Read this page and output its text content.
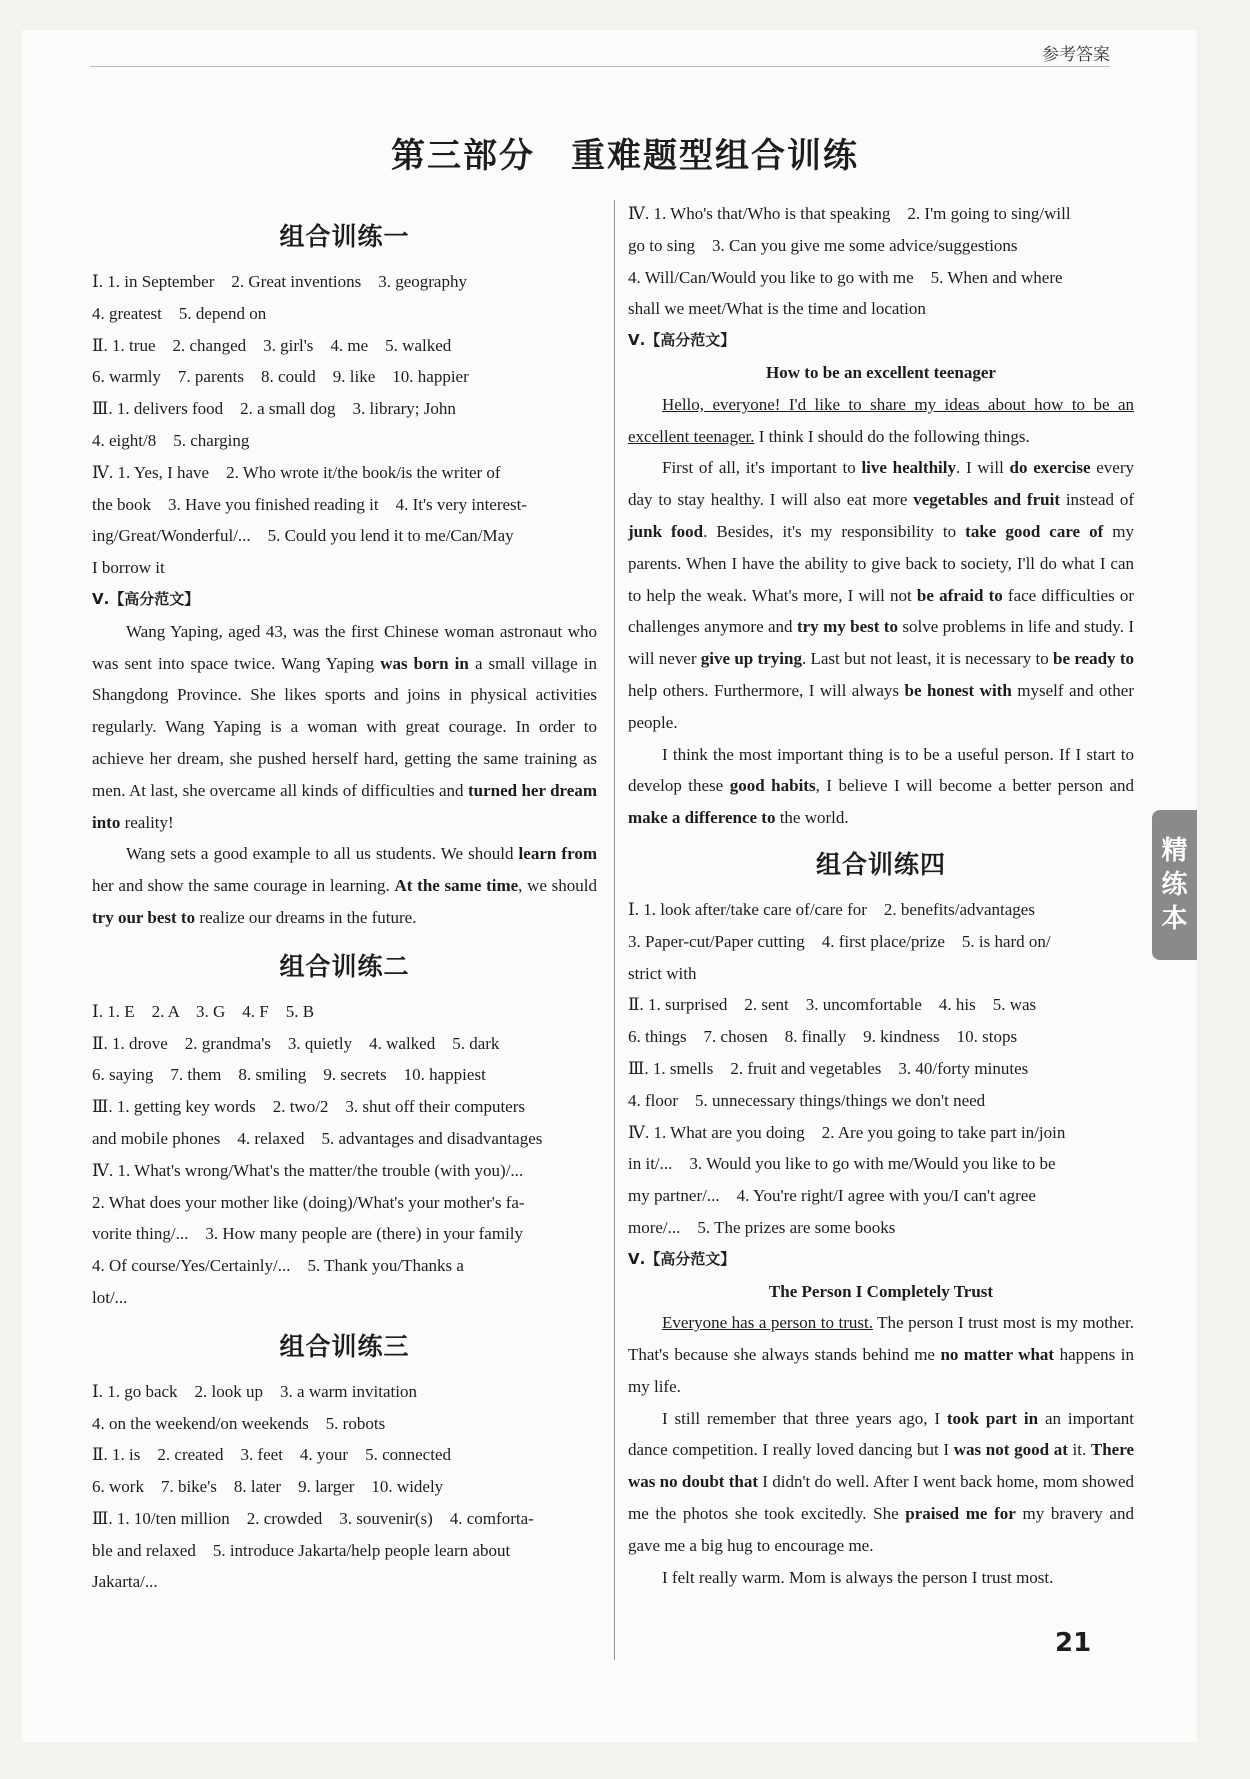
参考答案
第三部分　重难题型组合训练
组合训练一
Ⅰ. 1. in September　2. Great inventions　3. geography
4. greatest　5. depend on
Ⅱ. 1. true　2. changed　3. girl's　4. me　5. walked
6. warmly　7. parents　8. could　9. like　10. happier
Ⅲ. 1. delivers food　2. a small dog　3. library; John
4. eight/8　5. charging
Ⅳ. 1. Yes, I have　2. Who wrote it/the book/is the writer of
the book　3. Have you finished reading it　4. It's very interest-
ing/Great/Wonderful/...　5. Could you lend it to me/Can/May
I borrow it
Ⅴ.【高分范文】
Wang Yaping, aged 43, was the first Chinese woman astronaut who was sent into space twice. Wang Yaping was born in a small village in Shangdong Province. She likes sports and joins in physical activities regularly. Wang Yaping is a woman with great courage. In order to achieve her dream, she pushed herself hard, getting the same training as men. At last, she overcame all kinds of difficulties and turned her dream into reality!
Wang sets a good example to all us students. We should learn from her and show the same courage in learning. At the same time, we should try our best to realize our dreams in the future.
组合训练二
Ⅰ. 1. E　2. A　3. G　4. F　5. B
Ⅱ. 1. drove　2. grandma's　3. quietly　4. walked　5. dark
6. saying　7. them　8. smiling　9. secrets　10. happiest
Ⅲ. 1. getting key words　2. two/2　3. shut off their computers
and mobile phones　4. relaxed　5. advantages and disadvantages
Ⅳ. 1. What's wrong/What's the matter/the trouble (with you)/...
2. What does your mother like (doing)/What's your mother's fa-
vorite thing/...　3. How many people are (there) in your family
4. Of course/Yes/Certainly/...　5. Thank you/Thanks a
lot/...
组合训练三
Ⅰ. 1. go back　2. look up　3. a warm invitation
4. on the weekend/on weekends　5. robots
Ⅱ. 1. is　2. created　3. feet　4. your　5. connected
6. work　7. bike's　8. later　9. larger　10. widely
Ⅲ. 1. 10/ten million　2. crowded　3. souvenir(s)　4. comforta-
ble and relaxed　5. introduce Jakarta/help people learn about
Jakarta/...
Ⅳ. 1. Who's that/Who is that speaking　2. I'm going to sing/will
go to sing　3. Can you give me some advice/suggestions
4. Will/Can/Would you like to go with me　5. When and where
shall we meet/What is the time and location
Ⅴ.【高分范文】
How to be an excellent teenager
Hello, everyone! I'd like to share my ideas about how to be an excellent teenager. I think I should do the following things.
First of all, it's important to live healthily. I will do exercise every day to stay healthy. I will also eat more vegetables and fruit instead of junk food. Besides, it's my responsibility to take good care of my parents. When I have the ability to give back to society, I'll do what I can to help the weak. What's more, I will not be afraid to face difficulties or challenges anymore and try my best to solve problems in life and study. I will never give up trying. Last but not least, it is necessary to be ready to help others. Furthermore, I will always be honest with myself and other people.
I think the most important thing is to be a useful person. If I start to develop these good habits, I believe I will become a better person and make a difference to the world.
组合训练四
Ⅰ. 1. look after/take care of/care for　2. benefits/advantages
3. Paper-cut/Paper cutting　4. first place/prize　5. is hard on/
strict with
Ⅱ. 1. surprised　2. sent　3. uncomfortable　4. his　5. was
6. things　7. chosen　8. finally　9. kindness　10. stops
Ⅲ. 1. smells　2. fruit and vegetables　3. 40/forty minutes
4. floor　5. unnecessary things/things we don't need
Ⅳ. 1. What are you doing　2. Are you going to take part in/join
in it/...　3. Would you like to go with me/Would you like to be
my partner/...　4. You're right/I agree with you/I can't agree
more/...　5. The prizes are some books
Ⅴ.【高分范文】
The Person I Completely Trust
Everyone has a person to trust. The person I trust most is my mother. That's because she always stands behind me no matter what happens in my life.
I still remember that three years ago, I took part in an important dance competition. I really loved dancing but I was not good at it. There was no doubt that I didn't do well. After I went back home, mom showed me the photos she took excitedly. She praised me for my bravery and gave me a big hug to encourage me.
I felt really warm. Mom is always the person I trust most.
精
练
本
21
